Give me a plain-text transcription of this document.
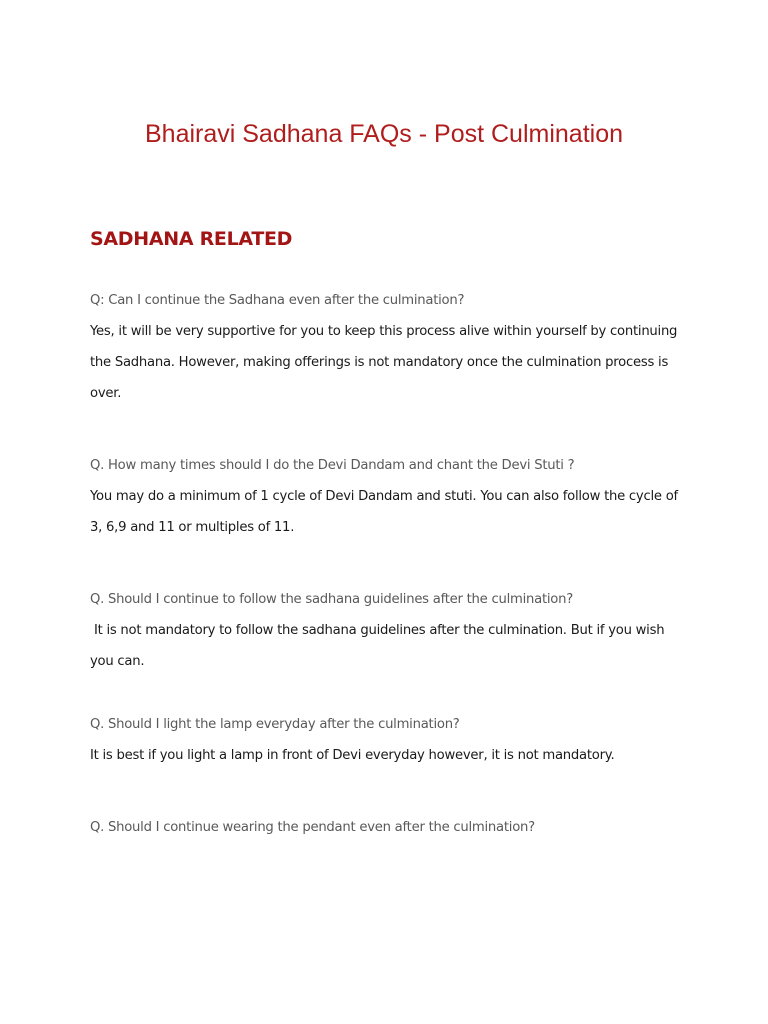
Bhairavi Sadhana FAQs - Post Culmination
SADHANA RELATED
Q: Can I continue the Sadhana even after the culmination?
Yes, it will be very supportive for you to keep this process alive within yourself by continuing the Sadhana. However, making offerings is not mandatory once the culmination process is over.
Q. How many times should I do the Devi Dandam and chant the Devi Stuti ?
You may do a minimum of 1 cycle of Devi Dandam and stuti. You can also follow the cycle of 3, 6,9 and 11 or multiples of 11.
Q. Should I continue to follow the sadhana guidelines after the culmination?
It is not mandatory to follow the sadhana guidelines after the culmination. But if you wish you can.
Q. Should I light the lamp everyday after the culmination?
It is best if you light a lamp in front of Devi everyday however, it is not mandatory.
Q. Should I continue wearing the pendant even after the culmination?
